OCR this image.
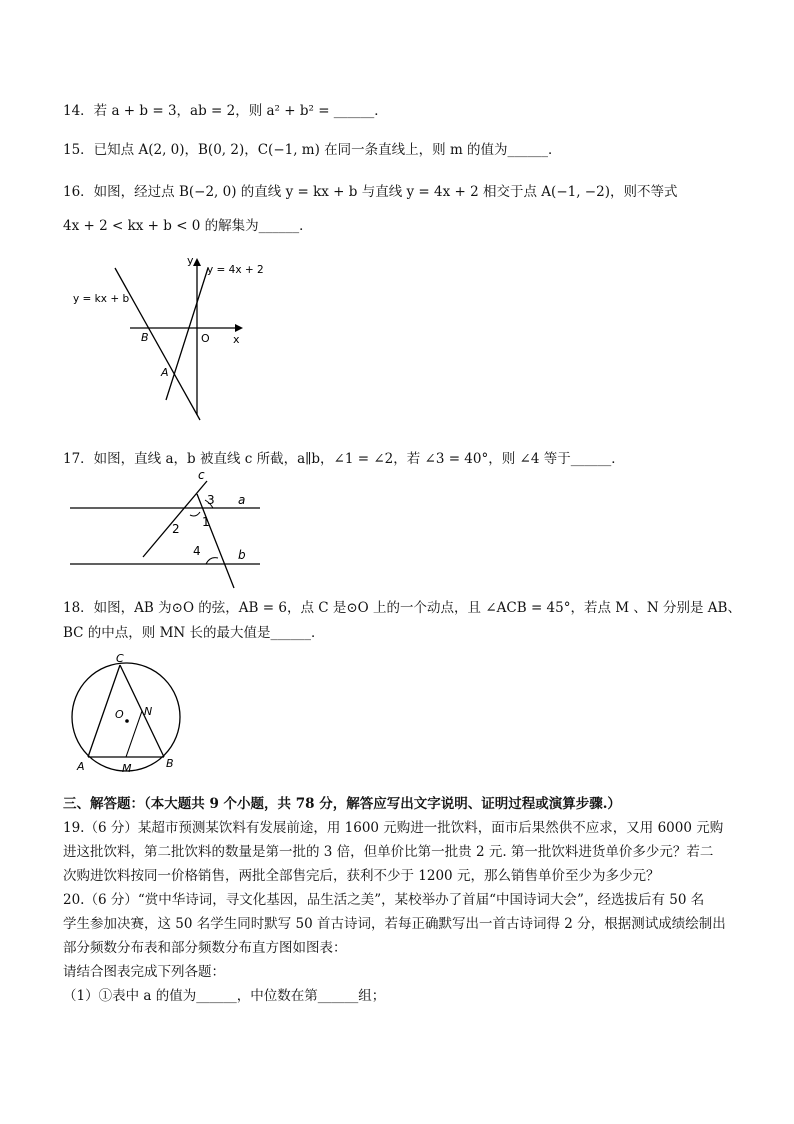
14．若 a + b = 3，ab = 2，则 a² + b² = ______．
15．已知点 A(2, 0)，B(0, 2)，C(−1, m) 在同一条直线上，则 m 的值为______．
16．如图，经过点 B(−2, 0) 的直线 y = kx + b 与直线 y = 4x + 2 相交于点 A(−1, −2)，则不等式
4x + 2 < kx + b < 0 的解集为______．
y
x
y = 4x + 2
y = kx + b
B	O
A
17．如图，直线 a，b 被直线 c 所截，a∥b，∠1 = ∠2，若 ∠3 = 40°，则 ∠4 等于______．
c
a
b
3
1
2
4
18．如图，AB 为⊙O 的弦，AB = 6，点 C 是⊙O 上的一个动点，且 ∠ACB = 45°，若点 M 、N 分别是 AB、
BC 的中点，则 MN 长的最大值是______．
C
O N
A	M	B
三、解答题：（本大题共 9 个小题，共 78 分，解答应写出文字说明、证明过程或演算步骤.）
19.（6 分）某超市预测某饮料有发展前途，用 1600 元购进一批饮料，面市后果然供不应求，又用 6000 元购
进这批饮料，第二批饮料的数量是第一批的 3 倍，但单价比第一批贵 2 元. 第一批饮料进货单价多少元？若二
次购进饮料按同一价格销售，两批全部售完后，获利不少于 1200 元，那么销售单价至少为多少元？
20.（6 分）“赏中华诗词，寻文化基因，品生活之美”，某校举办了首届“中国诗词大会”，经选拔后有 50 名
学生参加决赛，这 50 名学生同时默写 50 首古诗词，若每正确默写出一首古诗词得 2 分，根据测试成绩绘制出
部分频数分布表和部分频数分布直方图如图表：
请结合图表完成下列各题：
（1）①表中 a 的值为______，中位数在第______组；
